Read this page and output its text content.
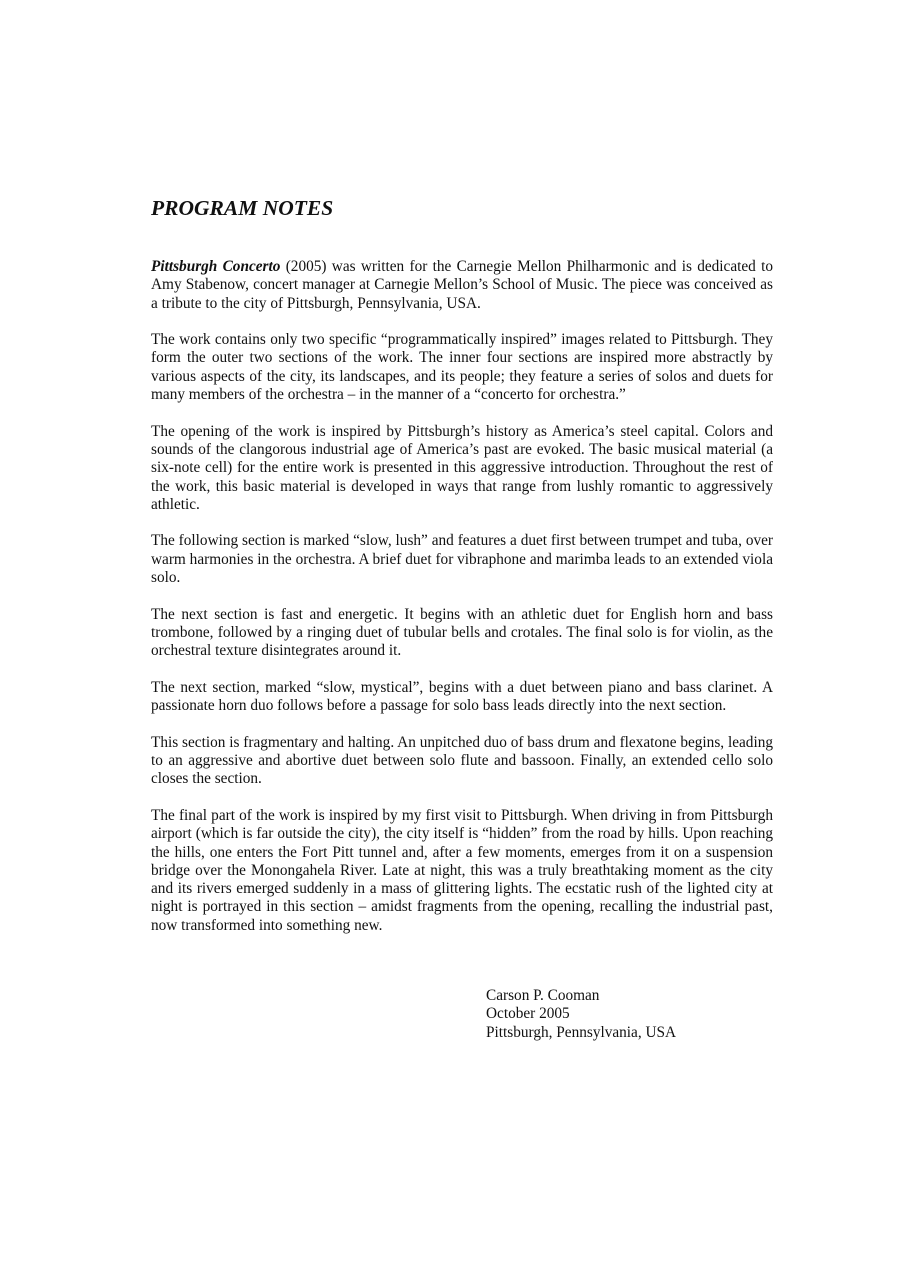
PROGRAM NOTES

Pittsburgh Concerto (2005) was written for the Carnegie Mellon Philharmonic and is dedicated to Amy Stabenow, concert manager at Carnegie Mellon’s School of Music. The piece was conceived as a tribute to the city of Pittsburgh, Pennsylvania, USA.

The work contains only two specific “programmatically inspired” images related to Pittsburgh. They form the outer two sections of the work. The inner four sections are inspired more abstractly by various aspects of the city, its landscapes, and its people; they feature a series of solos and duets for many members of the orchestra – in the manner of a “concerto for orchestra.”

The opening of the work is inspired by Pittsburgh’s history as America’s steel capital. Colors and sounds of the clangorous industrial age of America’s past are evoked. The basic musical material (a six-note cell) for the entire work is presented in this aggressive introduction. Throughout the rest of the work, this basic material is developed in ways that range from lushly romantic to aggressively athletic.

The following section is marked “slow, lush” and features a duet first between trumpet and tuba, over warm harmonies in the orchestra. A brief duet for vibraphone and marimba leads to an extended viola solo.

The next section is fast and energetic. It begins with an athletic duet for English horn and bass trombone, followed by a ringing duet of tubular bells and crotales. The final solo is for violin, as the orchestral texture disintegrates around it.

The next section, marked “slow, mystical”, begins with a duet between piano and bass clarinet. A passionate horn duo follows before a passage for solo bass leads directly into the next section.

This section is fragmentary and halting. An unpitched duo of bass drum and flexatone begins, leading to an aggressive and abortive duet between solo flute and bassoon. Finally, an extended cello solo closes the section.

The final part of the work is inspired by my first visit to Pittsburgh. When driving in from Pittsburgh airport (which is far outside the city), the city itself is “hidden” from the road by hills. Upon reaching the hills, one enters the Fort Pitt tunnel and, after a few moments, emerges from it on a suspension bridge over the Monongahela River. Late at night, this was a truly breathtaking moment as the city and its rivers emerged suddenly in a mass of glittering lights. The ecstatic rush of the lighted city at night is portrayed in this section – amidst fragments from the opening, recalling the industrial past, now transformed into something new.

Carson P. Cooman
October 2005
Pittsburgh, Pennsylvania, USA
